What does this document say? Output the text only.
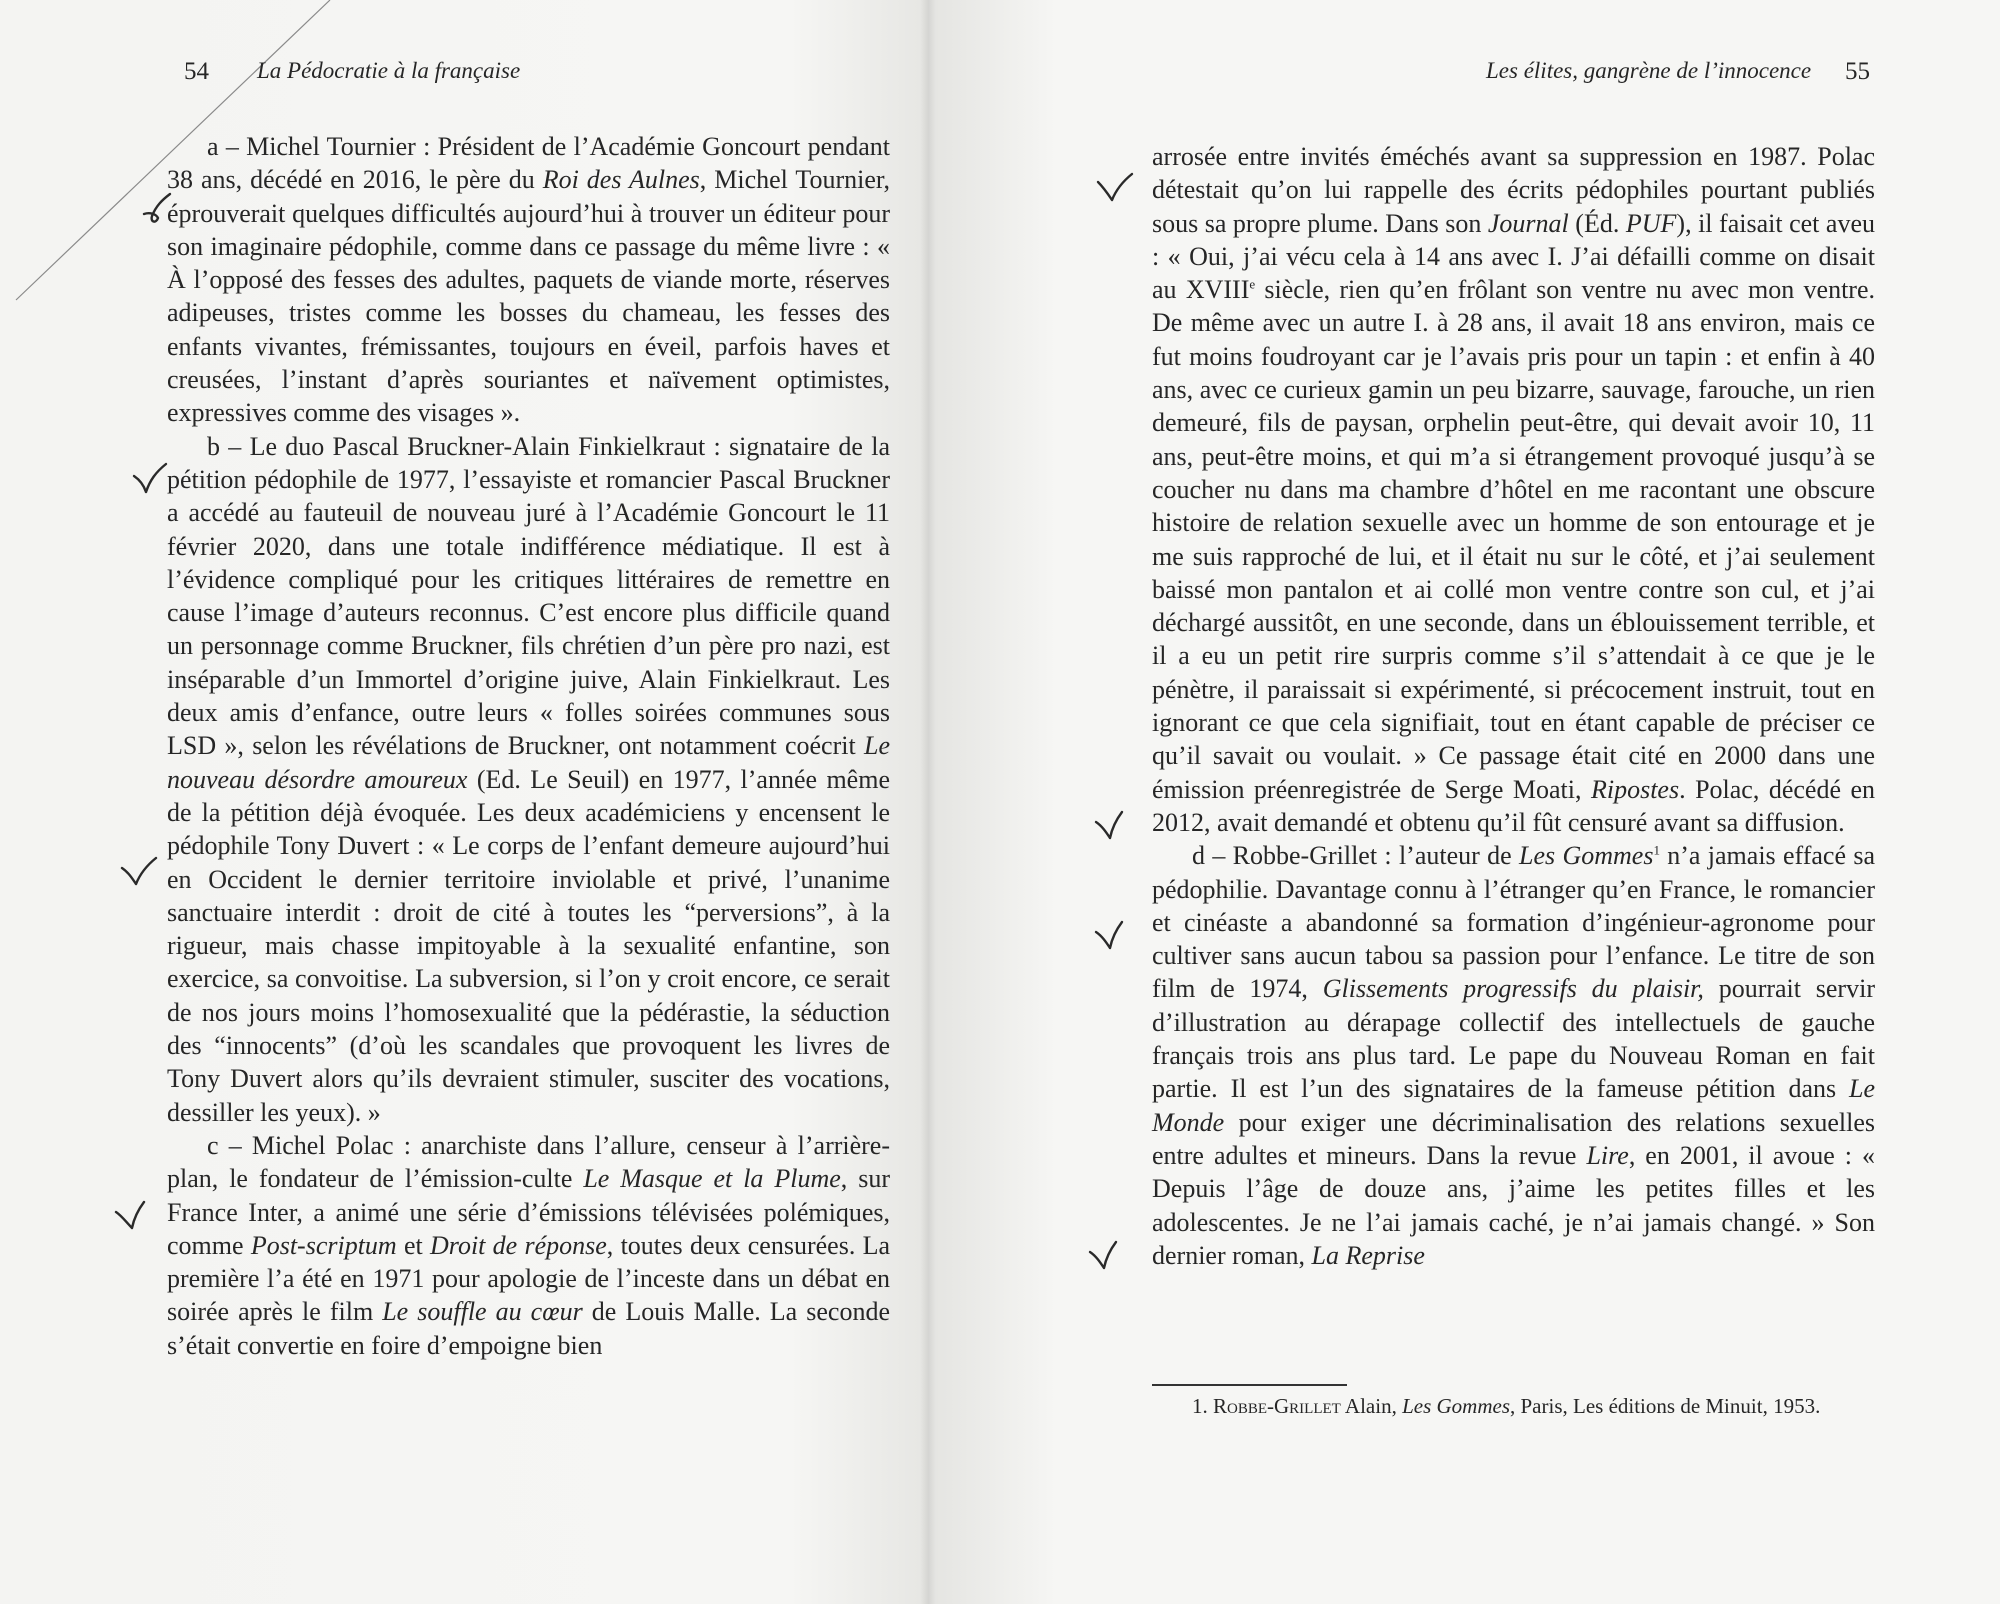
54 La Pédocratie à la française	Les élites, gangrène de l’innocence 55

a – Michel Tournier : Président de l’Académie Goncourt pendant 38 ans, décédé en 2016, le père du Roi des Aulnes, Michel Tournier, éprouverait quelques difficultés aujourd’hui à trouver un éditeur pour son imaginaire pédophile, comme dans ce passage du même livre : « À l’opposé des fesses des adultes, paquets de viande morte, réserves adipeuses, tristes comme les bosses du chameau, les fesses des enfants vivantes, frémissantes, toujours en éveil, parfois haves et creusées, l’instant d’après souriantes et naïvement optimistes, expressives comme des visages ».

b – Le duo Pascal Bruckner-Alain Finkielkraut : signataire de la pétition pédophile de 1977, l’essayiste et romancier Pascal Bruckner a accédé au fauteuil de nouveau juré à l’Académie Goncourt le 11 février 2020, dans une totale indifférence médiatique. Il est à l’évidence compliqué pour les critiques littéraires de remettre en cause l’image d’auteurs reconnus. C’est encore plus difficile quand un personnage comme Bruckner, fils chrétien d’un père pro nazi, est inséparable d’un Immortel d’origine juive, Alain Finkielkraut. Les deux amis d’enfance, outre leurs « folles soirées communes sous LSD », selon les révélations de Bruckner, ont notamment coécrit Le nouveau désordre amoureux (Ed. Le Seuil) en 1977, l’année même de la pétition déjà évoquée. Les deux académiciens y encensent le pédophile Tony Duvert : « Le corps de l’enfant demeure aujourd’hui en Occident le dernier territoire inviolable et privé, l’unanime sanctuaire interdit : droit de cité à toutes les “perversions”, à la rigueur, mais chasse impitoyable à la sexualité enfantine, son exercice, sa convoitise. La subversion, si l’on y croit encore, ce serait de nos jours moins l’homosexualité que la pédérastie, la séduction des “innocents” (d’où les scandales que provoquent les livres de Tony Duvert alors qu’ils devraient stimuler, susciter des vocations, dessiller les yeux). »

c – Michel Polac : anarchiste dans l’allure, censeur à l’arrière-plan, le fondateur de l’émission-culte Le Masque et la Plume, sur France Inter, a animé une série d’émissions télévisées polémiques, comme Post-scriptum et Droit de réponse, toutes deux censurées. La première l’a été en 1971 pour apologie de l’inceste dans un débat en soirée après le film Le souffle au cœur de Louis Malle. La seconde s’était convertie en foire d’empoigne bien

arrosée entre invités éméchés avant sa suppression en 1987. Polac détestait qu’on lui rappelle des écrits pédophiles pourtant publiés sous sa propre plume. Dans son Journal (Éd. PUF), il faisait cet aveu : « Oui, j’ai vécu cela à 14 ans avec I. J’ai défailli comme on disait au XVIIIe siècle, rien qu’en frôlant son ventre nu avec mon ventre. De même avec un autre I. à 28 ans, il avait 18 ans environ, mais ce fut moins foudroyant car je l’avais pris pour un tapin : et enfin à 40 ans, avec ce curieux gamin un peu bizarre, sauvage, farouche, un rien demeuré, fils de paysan, orphelin peut-être, qui devait avoir 10, 11 ans, peut-être moins, et qui m’a si étrangement provoqué jusqu’à se coucher nu dans ma chambre d’hôtel en me racontant une obscure histoire de relation sexuelle avec un homme de son entourage et je me suis rapproché de lui, et il était nu sur le côté, et j’ai seulement baissé mon pantalon et ai collé mon ventre contre son cul, et j’ai déchargé aussitôt, en une seconde, dans un éblouissement terrible, et il a eu un petit rire surpris comme s’il s’attendait à ce que je le pénètre, il paraissait si expérimenté, si précocement instruit, tout en ignorant ce que cela signifiait, tout en étant capable de préciser ce qu’il savait ou voulait. » Ce passage était cité en 2000 dans une émission préenregistrée de Serge Moati, Ripostes. Polac, décédé en 2012, avait demandé et obtenu qu’il fût censuré avant sa diffusion.

d – Robbe-Grillet : l’auteur de Les Gommes$^1$ n’a jamais effacé sa pédophilie. Davantage connu à l’étranger qu’en France, le romancier et cinéaste a abandonné sa formation d’ingénieur-agronome pour cultiver sans aucun tabou sa passion pour l’enfance. Le titre de son film de 1974, Glissements progressifs du plaisir, pourrait servir d’illustration au dérapage collectif des intellectuels de gauche français trois ans plus tard. Le pape du Nouveau Roman en fait partie. Il est l’un des signataires de la fameuse pétition dans Le Monde pour exiger une décriminalisation des relations sexuelles entre adultes et mineurs. Dans la revue Lire, en 2001, il avoue : « Depuis l’âge de douze ans, j’aime les petites filles et les adolescentes. Je ne l’ai jamais caché, je n’ai jamais changé. » Son dernier roman, La Reprise

1. Robbe-Grillet Alain, Les Gommes, Paris, Les éditions de Minuit, 1953.
